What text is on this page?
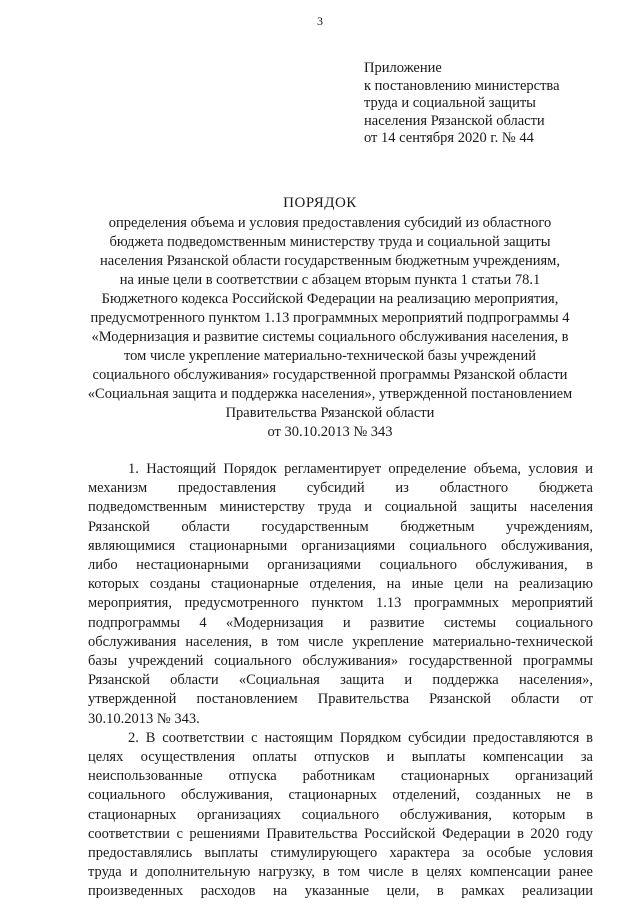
3
Приложение
к постановлению министерства
труда и социальной защиты
населения Рязанской области
от 14 сентября 2020 г. № 44
ПОРЯДОК
определения объема и условия предоставления субсидий из областного
бюджета подведомственным министерству труда и социальной защиты
населения Рязанской области государственным бюджетным учреждениям,
на иные цели в соответствии с абзацем вторым пункта 1 статьи 78.1
Бюджетного кодекса Российской Федерации на реализацию мероприятия,
предусмотренного пунктом 1.13 программных мероприятий подпрограммы 4
«Модернизация и развитие системы социального обслуживания населения, в
том числе укрепление материально-технической базы учреждений
социального обслуживания» государственной программы Рязанской области
«Социальная защита и поддержка населения», утвержденной постановлением
Правительства Рязанской области
от 30.10.2013 № 343
1. Настоящий Порядок регламентирует определение объема, условия и
механизм предоставления субсидий из областного бюджета
подведомственным министерству труда и социальной защиты населения
Рязанской области государственным бюджетным учреждениям,
являющимися стационарными организациями социального обслуживания,
либо нестационарными организациями социального обслуживания, в
которых созданы стационарные отделения, на иные цели на реализацию
мероприятия, предусмотренного пунктом 1.13 программных мероприятий
подпрограммы 4 «Модернизация и развитие системы социального
обслуживания населения, в том числе укрепление материально-технической
базы учреждений социального обслуживания» государственной программы
Рязанской области «Социальная защита и поддержка населения»,
утвержденной постановлением Правительства Рязанской области от
30.10.2013 № 343.
2. В соответствии с настоящим Порядком субсидии предоставляются в
целях осуществления оплаты отпусков и выплаты компенсации за
неиспользованные отпуска работникам стационарных организаций
социального обслуживания, стационарных отделений, созданных не в
стационарных организациях социального обслуживания, которым в
соответствии с решениями Правительства Российской Федерации в 2020 году
предоставлялись выплаты стимулирующего характера за особые условия
труда и дополнительную нагрузку, в том числе в целях компенсации ранее
произведенных расходов на указанные цели, в рамках реализации
